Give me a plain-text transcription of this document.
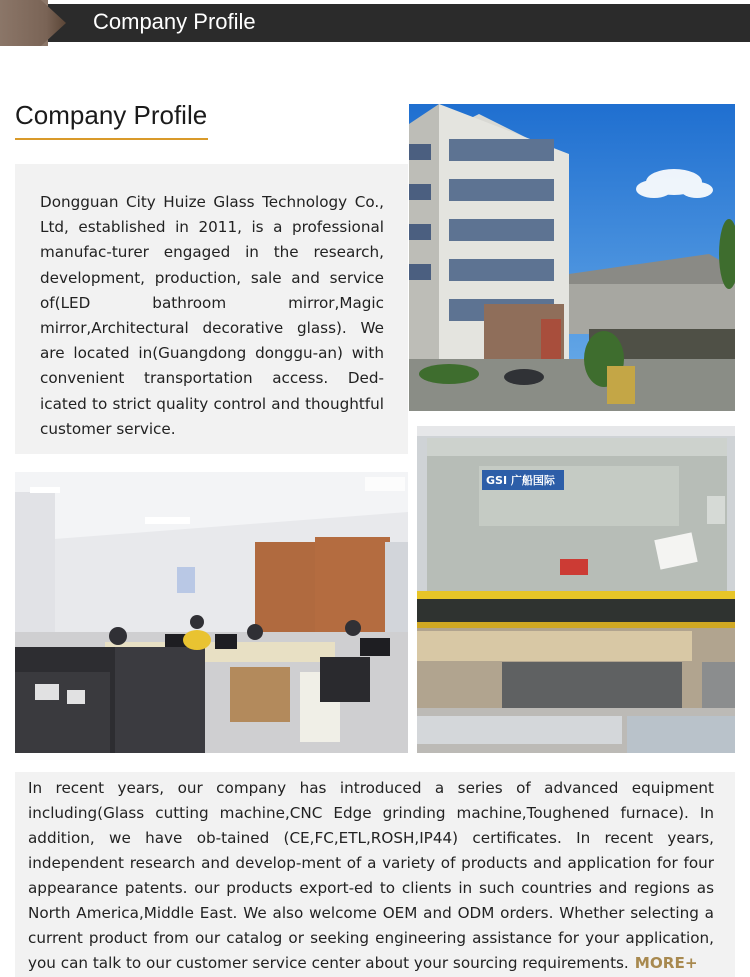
Company Profile
Company Profile
Dongguan City Huize Glass Technology Co., Ltd, established in 2011, is a professional manufac-turer engaged in the research, development, production, sale and service of(LED bathroom mirror,Magic mirror,Architectural decorative glass). We are located in(Guangdong donggu-an) with convenient transportation access. Ded-icated to strict quality control and thoughtful customer service.
GSI 广船国际
In recent years, our company has introduced a series of advanced equipment including(Glass cutting machine,CNC Edge grinding machine,Toughened furnace). In addition, we have ob-tained (CE,FC,ETL,ROSH,IP44) certificates. In recent years, independent research and develop-ment of a variety of products and application for four appearance patents. our products export-ed to clients in such countries and regions as North America,Middle East. We also welcome OEM and ODM orders. Whether selecting a current product from our catalog or seeking engineering assistance for your application, you can talk to our customer service center about your sourcing requirements. MORE+
